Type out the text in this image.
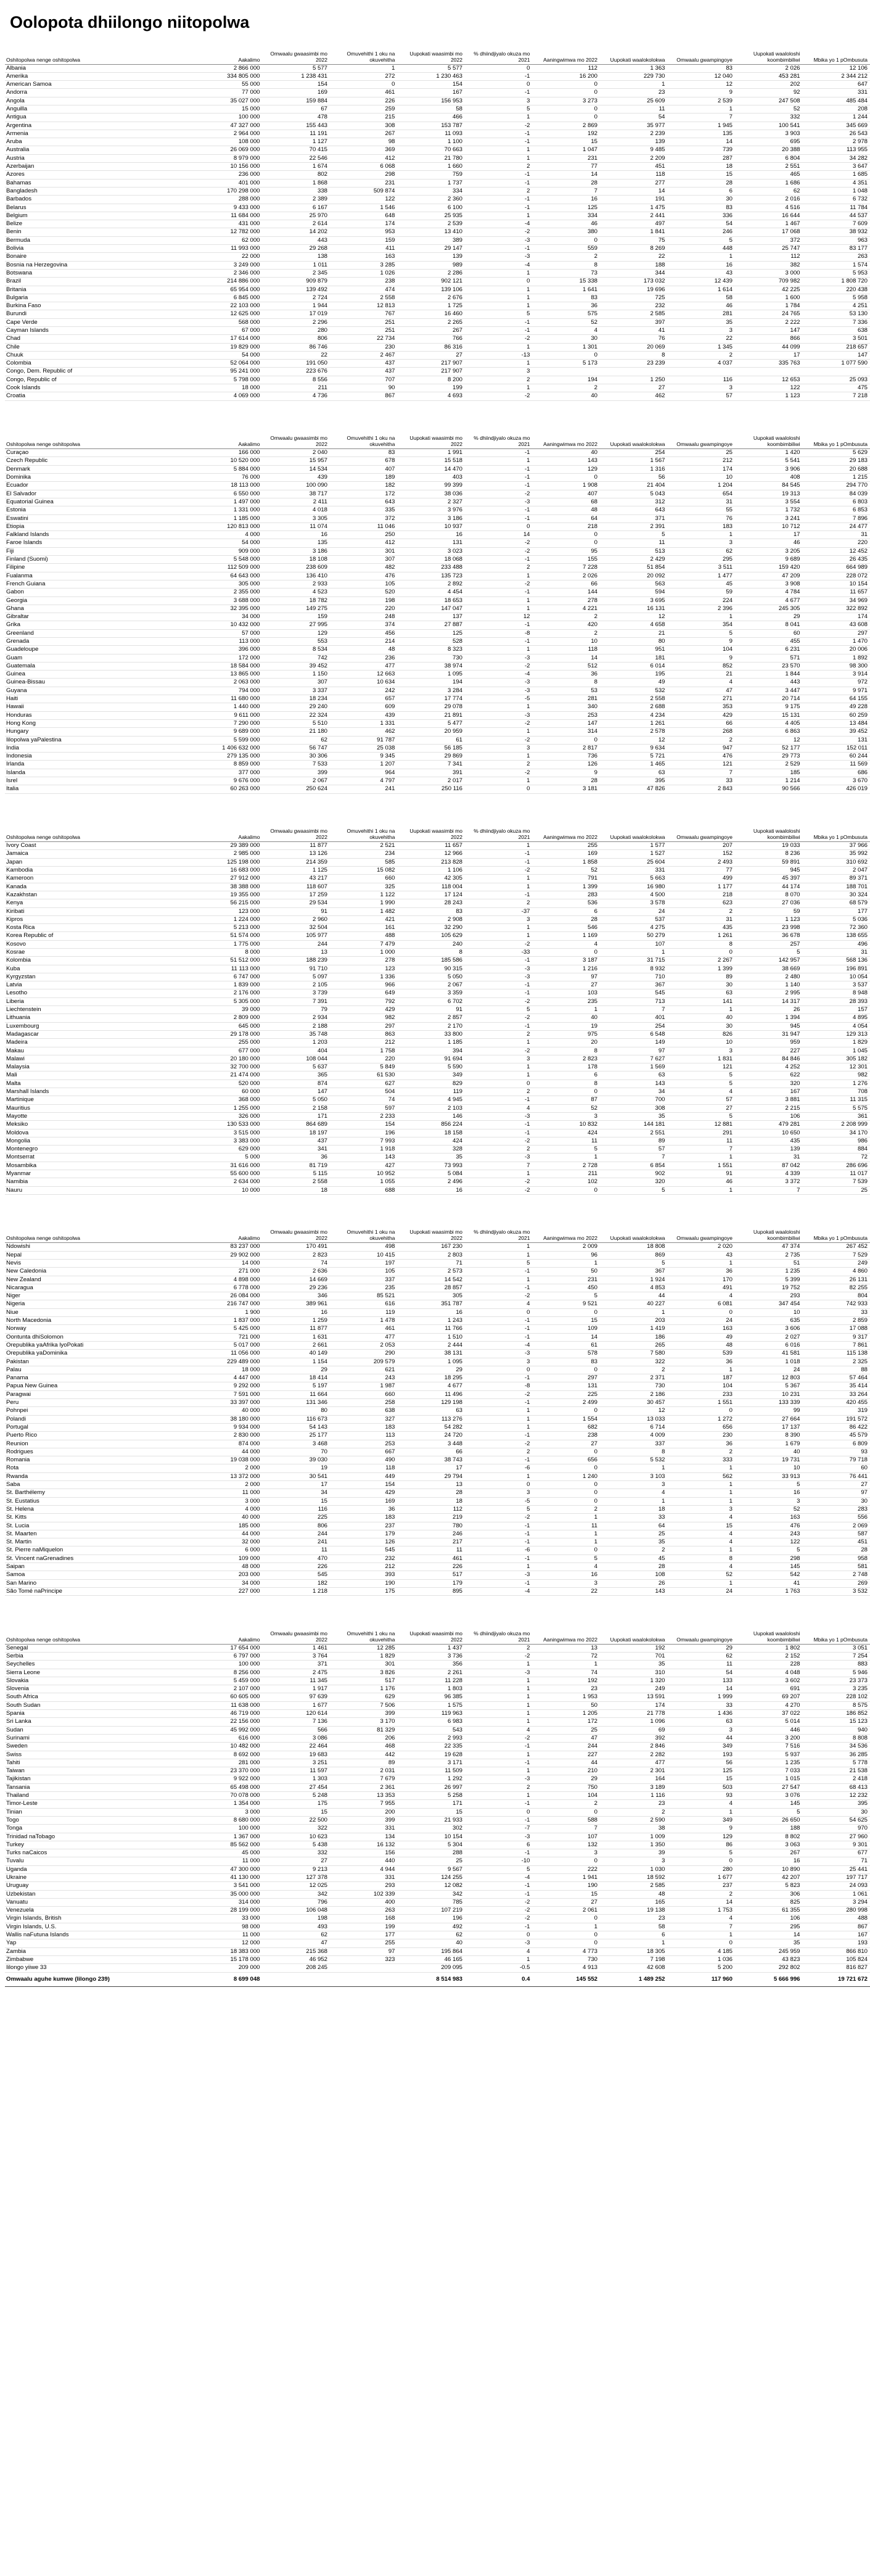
Oolopota dhiilongo niitopolwa
Oshitopolwa nenge oshitopolwa	Aakalimo	Omwaalu gwaasimbi mo 2022	Omuvehithi 1 oku na okuvehitha	Uupokati waasimbi mo 2022	% dhiindjiyalo okuza mo 2021	Aaningwimwa mo 2022	Uupokati waalokolokwa	Omwaalu gwampingoye	Uupokati waaloloshi koombimbiliwi	Mbika yo 1 pOmbusuta
Albania	2 866 000	5 577	1	5 577	0	112	1 363	83	2 026	12 106
Amerika	334 805 000	1 238 431	272	1 230 463	-1	16 200	229 730	12 040	453 281	2 344 212
American Samoa	55 000	154	0	154	0	0	1	12	202	647
Andorra	77 000	169	461	167	-1	0	23	9	92	331
Angola	35 027 000	159 884	226	156 953	3	3 273	25 609	2 539	247 508	485 484
Anguilla	15 000	67	259	58	5	0	11	1	52	208
Antigua	100 000	478	215	466	1	0	54	7	332	1 244
Argentina	47 327 000	155 443	308	153 787	-2	2 869	35 977	1 945	100 541	345 669
Armenia	2 964 000	11 191	267	11 093	-1	192	2 239	135	3 903	26 543
Aruba	108 000	1 127	98	1 100	-1	15	139	14	695	2 978
Australia	26 069 000	70 415	369	70 663	1	1 047	9 485	739	20 388	113 955
Austria	8 979 000	22 546	412	21 780	1	231	2 209	287	6 804	34 282
Azerbaijan	10 156 000	1 674	6 068	1 660	2	77	451	18	2 551	3 647
Azores	236 000	802	298	759	-1	14	118	15	465	1 685
Bahamas	401 000	1 868	231	1 737	-1	28	277	28	1 686	4 351
Bangladesh	170 298 000	338	509 874	334	2	7	14	6	62	1 048
Barbados	288 000	2 389	122	2 360	-1	16	191	30	2 016	6 732
Belarus	9 433 000	6 167	1 546	6 100	-1	125	1 475	83	4 516	11 784
Belgium	11 684 000	25 970	648	25 935	1	334	2 441	336	16 644	44 537
Belize	431 000	2 614	174	2 539	-4	46	497	54	1 467	7 609
Benin	12 782 000	14 202	953	13 410	-2	380	1 841	246	17 068	38 932
Bermuda	62 000	443	159	389	-3	0	75	5	372	963
Bolivia	11 993 000	29 268	411	29 147	-1	559	8 269	448	25 747	83 177
Bonaire	22 000	138	163	139	-3	2	22	1	112	263
Bosnia na Herzegovina	3 249 000	1 011	3 285	989	-4	8	188	16	382	1 574
Botswana	2 346 000	2 345	1 026	2 286	1	73	344	43	3 000	5 953
Brazil	214 886 000	909 879	238	902 121	0	15 338	173 032	12 439	709 982	1 808 720
Britania	65 954 000	139 492	474	139 106	1	1 641	19 696	1 614	42 225	220 438
Bulgaria	6 845 000	2 724	2 558	2 676	1	83	725	58	1 600	5 958
Burkina Faso	22 103 000	1 944	12 813	1 725	1	36	232	46	1 784	4 251
Burundi	12 625 000	17 019	767	16 460	5	575	2 585	281	24 765	53 130
Cape Verde	568 000	2 296	251	2 265	-1	52	397	35	2 222	7 336
Cayman Islands	67 000	280	251	267	-1	4	41	3	147	638
Chad	17 614 000	806	22 734	766	-2	30	76	22	866	3 501
Chile	19 829 000	86 746	230	86 316	1	1 301	20 069	1 345	44 099	218 657
Chuuk	54 000	22	2 467	27	-13	0	8	2	17	147
Colombia	52 064 000	191 050	437	217 907	1	5 173	23 239	4 037	335 763	1 077 590
Congo, Dem. Republic of	95 241 000	223 676	437	217 907	3					
Congo, Republic of	5 798 000	8 556	707	8 200	2	194	1 250	116	12 653	25 093
Cook Islands	18 000	211	90	199	1	2	27	3	122	475
Croatia	4 069 000	4 736	867	4 693	-2	40	462	57	1 123	7 218
Oshitopolwa nenge oshitopolwa	Aakalimo	Omwaalu gwaasimbi mo 2022	Omuvehithi 1 oku na okuvehitha	Uupokati waasimbi mo 2022	% dhiindjiyalo okuza mo 2021	Aaningwimwa mo 2022	Uupokati waalokolokwa	Omwaalu gwampingoye	Uupokati waaloloshi koombimbiliwi	Mbika yo 1 pOmbusuta
Curaçao	166 000	2 040	83	1 991	-1	40	254	25	1 420	5 629
Czech Republic	10 520 000	15 957	678	15 518	1	143	1 567	212	5 541	29 183
Denmark	5 884 000	14 534	407	14 470	-1	129	1 316	174	3 906	20 688
Dominika	76 000	439	189	403	-1	0	56	10	408	1 215
Ecuador	18 113 000	100 090	182	99 399	-1	1 908	21 404	1 204	84 545	294 770
El Salvador	6 550 000	38 717	172	38 036	-2	407	5 043	654	19 313	84 039
Equatorial Guinea	1 497 000	2 411	643	2 327	-3	68	312	31	3 554	6 803
Estonia	1 331 000	4 018	335	3 976	-1	48	643	55	1 732	6 853
Eswatini	1 185 000	3 305	372	3 186	-1	64	371	76	3 241	7 896
Etiopia	120 813 000	11 074	11 046	10 937	0	218	2 391	183	10 712	24 477
Falkland Islands	4 000	16	250	16	14	0	5	1	17	31
Faroe Islands	54 000	135	412	131	-2	0	11	3	46	220
Fiji	909 000	3 186	301	3 023	-2	95	513	62	3 205	12 452
Finland (Suomi)	5 548 000	18 108	307	18 068	-1	155	2 429	295	9 689	26 435
Filipine	112 509 000	238 609	482	233 488	2	7 228	51 854	3 511	159 420	664 989
Fualanma	64 643 000	136 410	476	135 723	1	2 026	20 092	1 477	47 209	228 072
French Guiana	305 000	2 933	105	2 892	-2	66	563	45	3 908	10 154
Gabon	2 355 000	4 523	520	4 454	-1	144	594	59	4 784	11 657
Georgia	3 688 000	18 782	198	18 653	1	278	3 695	224	4 677	34 969
Ghana	32 395 000	149 275	220	147 047	1	4 221	16 131	2 396	245 305	322 892
Gibraltar	34 000	159	248	137	12	2	12	1	29	174
Grika	10 432 000	27 995	374	27 887	-1	420	4 658	354	8 041	43 608
Greenland	57 000	129	456	125	-8	2	21	5	60	297
Grenada	113 000	553	214	528	-1	10	80	9	455	1 470
Guadeloupe	396 000	8 534	48	8 323	1	118	951	104	6 231	20 006
Guam	172 000	742	236	730	-3	14	181	9	571	1 892
Guatemala	18 584 000	39 452	477	38 974	-2	512	6 014	852	23 570	98 300
Guinea	13 865 000	1 150	12 663	1 095	-4	36	195	21	1 844	3 914
Guinea-Bissau	2 063 000	307	10 634	194	-3	8	49	4	443	972
Guyana	794 000	3 337	242	3 284	-3	53	532	47	3 447	9 971
Haiti	11 680 000	18 234	657	17 774	-5	281	2 558	271	20 714	64 155
Hawaii	1 440 000	29 240	609	29 078	1	340	2 688	353	9 175	49 228
Honduras	9 611 000	22 324	439	21 891	-3	253	4 234	429	15 131	60 259
Hong Kong	7 290 000	5 510	1 331	5 477	-2	147	1 261	66	4 405	13 484
Hungary	9 689 000	21 180	462	20 959	1	314	2 578	268	6 863	39 452
Iilopolwa yaPalestina	5 599 000	62	91 787	61	-2	0	12	2	12	131
India	1 406 632 000	56 747	25 038	56 185	3	2 817	9 634	947	52 177	152 011
Indonesia	279 135 000	30 306	9 345	29 869	1	736	5 721	476	29 773	60 244
Irlanda	8 859 000	7 533	1 207	7 341	2	126	1 465	121	2 529	11 569
Islanda	377 000	399	964	391	-2	9	63	7	185	686
Isrel	9 676 000	2 067	4 797	2 017	1	28	395	33	1 214	3 670
Italia	60 263 000	250 624	241	250 116	0	3 181	47 826	2 843	90 566	426 019
Oshitopolwa nenge oshitopolwa	Aakalimo	Omwaalu gwaasimbi mo 2022	Omuvehithi 1 oku na okuvehitha	Uupokati waasimbi mo 2022	% dhiindjiyalo okuza mo 2021	Aaningwimwa mo 2022	Uupokati waalokolokwa	Omwaalu gwampingoye	Uupokati waaloloshi koombimbiliwi	Mbika yo 1 pOmbusuta
Ivory Coast	29 389 000	11 877	2 521	11 657	1	255	1 577	207	19 033	37 966
Jamaica	2 985 000	13 126	234	12 966	-1	169	1 527	152	8 236	35 992
Japan	125 198 000	214 359	585	213 828	-1	1 858	25 604	2 493	59 891	310 692
Kambodia	16 683 000	1 125	15 082	1 106	-2	52	331	77	945	2 047
Kameroon	27 912 000	43 217	660	42 305	1	791	5 663	499	45 397	89 371
Kanada	38 388 000	118 607	325	118 004	1	1 399	16 980	1 177	44 174	188 701
Kazakhstan	19 355 000	17 259	1 122	17 124	-1	283	4 500	218	8 070	30 324
Kenya	56 215 000	29 534	1 990	28 243	2	536	3 578	623	27 036	68 579
Kiribati	123 000	91	1 482	83	-37	6	24	2	59	177
Kipros	1 224 000	2 960	421	2 908	3	28	537	31	1 123	5 036
Kosta Rica	5 213 000	32 504	161	32 290	1	546	4 275	435	23 998	72 360
Korea Republic of	51 574 000	105 977	488	105 629	1	1 169	50 279	1 261	36 678	138 655
Kosovo	1 775 000	244	7 479	240	-2	4	107	8	257	496
Kosrae	8 000	13	1 000	8	-33	0	1	0	5	31
Kolombia	51 512 000	188 239	278	185 586	-1	3 187	31 715	2 267	142 957	568 136
Kuba	11 113 000	91 710	123	90 315	-3	1 216	8 932	1 399	38 669	196 891
Kyrgyzstan	6 747 000	5 097	1 336	5 050	-3	97	710	89	2 480	10 054
Latvia	1 839 000	2 105	966	2 067	-1	27	367	30	1 140	3 537
Lesotho	2 176 000	3 739	649	3 359	-1	103	545	63	2 995	8 948
Liberia	5 305 000	7 391	792	6 702	-2	235	713	141	14 317	28 393
Liechtenstein	39 000	79	429	91	5	1	7	1	26	157
Lithuania	2 809 000	2 934	982	2 857	-2	40	401	40	1 394	4 895
Luxembourg	645 000	2 188	297	2 170	-1	19	254	30	945	4 054
Madagascar	29 178 000	35 748	863	33 800	2	975	6 548	826	31 947	129 313
Madeira	255 000	1 203	212	1 185	1	20	149	10	959	1 829
Makau	677 000	404	1 758	394	-2	8	97	3	227	1 045
Malawi	20 180 000	108 044	220	91 694	3	2 823	7 627	1 831	84 846	305 182
Malaysia	32 700 000	5 637	5 849	5 590	1	178	1 569	121	4 252	12 301
Mali	21 474 000	365	61 530	349	1	6	63	5	622	982
Malta	520 000	874	627	829	0	8	143	5	320	1 276
Marshall Islands	60 000	147	504	119	2	0	34	4	167	708
Martinique	368 000	5 050	74	4 945	-1	87	700	57	3 881	11 315
Mauritius	1 255 000	2 158	597	2 103	4	52	308	27	2 215	5 575
Mayotte	326 000	171	2 233	146	-3	3	35	5	106	361
Meksiko	130 533 000	864 689	154	856 224	-1	10 832	144 181	12 881	479 281	2 208 999
Moldova	3 515 000	18 197	196	18 158	-1	424	2 551	291	10 650	34 170
Mongolia	3 383 000	437	7 993	424	-2	11	89	11	435	986
Montenegro	629 000	341	1 918	328	2	5	57	7	139	884
Montserrat	5 000	36	143	35	-3	1	7	1	31	72
Mosambika	31 616 000	81 719	427	73 993	7	2 728	6 854	1 551	87 042	286 696
Myanmar	55 600 000	5 115	10 952	5 084	1	211	902	91	4 339	11 017
Namibia	2 634 000	2 558	1 055	2 496	-2	102	320	46	3 372	7 539
Nauru	10 000	18	688	16	-2	0	5	1	7	25
Oshitopolwa nenge oshitopolwa	Aakalimo	Omwaalu gwaasimbi mo 2022	Omuvehithi 1 oku na okuvehitha	Uupokati waasimbi mo 2022	% dhiindjiyalo okuza mo 2021	Aaningwimwa mo 2022	Uupokati waalokolokwa	Omwaalu gwampingoye	Uupokati waaloloshi koombimbiliwi	Mbika yo 1 pOmbusuta
Ndowishi	83 237 000	170 491	498	167 230	1	2 009	18 808	2 020	47 374	267 452
Nepal	29 902 000	2 823	10 415	2 803	1	96	869	43	2 735	7 529
Nevis	14 000	74	197	71	5	1	5	1	51	249
New Caledonia	271 000	2 636	105	2 573	-1	50	367	36	1 235	4 860
New Zealand	4 898 000	14 669	337	14 542	1	231	1 924	170	5 399	26 131
Nicaragua	6 778 000	29 236	235	28 857	-1	450	4 853	491	19 752	82 255
Niger	26 084 000	346	85 521	305	-2	5	44	4	293	804
Nigeria	216 747 000	389 961	616	351 787	4	9 521	40 227	6 081	347 454	742 933
Niue	1 900	16	119	16	0	0	1	0	10	33
North Macedonia	1 837 000	1 259	1 478	1 243	-1	15	203	24	635	2 859
Norway	5 425 000	11 877	461	11 766	-1	109	1 419	163	3 606	17 088
Oontunta dhiSolomon	721 000	1 631	477	1 510	-1	14	186	49	2 027	9 317
Orepublika yaAfrika lyoPokati	5 017 000	2 661	2 053	2 444	-4	61	265	48	6 016	7 861
Orepublika yaDominika	11 056 000	40 149	290	38 131	-3	578	7 580	539	41 581	115 138
Pakistan	229 489 000	1 154	209 579	1 095	3	83	322	36	1 018	2 325
Palau	18 000	29	621	29	0	0	2	1	24	88
Panama	4 447 000	18 414	243	18 295	-1	297	2 371	187	12 803	57 464
Papua New Guinea	9 292 000	5 197	1 987	4 677	-8	131	730	104	5 367	35 414
Paragwai	7 591 000	11 664	660	11 496	-2	225	2 186	233	10 231	33 264
Peru	33 397 000	131 346	258	129 198	-1	2 499	30 457	1 551	133 339	420 455
Pohnpei	40 000	80	638	63	1	0	12	0	99	319
Polandi	38 180 000	116 673	327	113 276	1	1 554	13 033	1 272	27 664	191 572
Portugal	9 934 000	54 143	183	54 282	1	682	6 714	656	17 137	86 422
Puerto Rico	2 830 000	25 177	113	24 720	-1	238	4 009	230	8 390	45 579
Reunion	874 000	3 468	253	3 448	-2	27	337	36	1 679	6 809
Rodrigues	44 000	70	667	66	2	0	8	2	40	93
Romania	19 038 000	39 030	490	38 743	-1	656	5 532	333	19 731	79 718
Rota	2 000	19	118	17	-6	0	1	1	10	60
Rwanda	13 372 000	30 541	449	29 794	1	1 240	3 103	562	33 913	76 441
Saba	2 000	17	154	13	0	0	3	1	5	27
St. Barthélemy	11 000	34	429	28	3	0	4	1	16	97
St. Eustatius	3 000	15	169	18	-5	0	1	1	3	30
St. Helena	4 000	116	36	112	5	2	18	3	52	283
St. Kitts	40 000	225	183	219	-2	1	33	4	163	556
St. Lucia	185 000	806	237	780	-1	11	64	15	476	2 069
St. Maarten	44 000	244	179	246	-1	1	25	4	243	587
St. Martin	32 000	241	126	217	-1	1	35	4	122	451
St. Pierre naMiquelon	6 000	11	545	11	-6	0	2	1	5	28
St. Vincent naGrenadines	109 000	470	232	461	-1	5	45	8	298	958
Saipan	48 000	226	212	226	1	4	28	4	145	581
Samoa	203 000	545	393	517	-3	16	108	52	542	2 748
San Marino	34 000	182	190	179	-1	3	26	1	41	269
São Tomé naPrincipe	227 000	1 218	175	895	-4	22	143	24	1 763	3 532
Oshitopolwa nenge oshitopolwa	Aakalimo	Omwaalu gwaasimbi mo 2022	Omuvehithi 1 oku na okuvehitha	Uupokati waasimbi mo 2022	% dhiindjiyalo okuza mo 2021	Aaningwimwa mo 2022	Uupokati waalokolokwa	Omwaalu gwampingoye	Uupokati waaloloshi koombimbiliwi	Mbika yo 1 pOmbusuta
Senegal	17 654 000	1 461	12 285	1 437	2	13	192	29	1 802	3 051
Serbia	6 797 000	3 764	1 829	3 736	-2	72	701	62	2 152	7 254
Seychelles	100 000	371	301	356	1	1	35	11	228	883
Sierra Leone	8 256 000	2 475	3 826	2 261	-3	74	310	54	4 048	5 946
Slovakia	5 459 000	11 345	517	11 228	1	192	1 320	133	3 602	23 373
Slovenia	2 107 000	1 917	1 176	1 803	1	23	249	14	691	3 235
South Africa	60 605 000	97 639	629	96 385	1	1 953	13 591	1 999	69 207	228 102
South Sudan	11 638 000	1 677	7 506	1 575	1	50	174	33	4 270	8 575
Spania	46 719 000	120 614	399	119 963	1	1 205	21 778	1 436	37 022	186 852
Sri Lanka	22 156 000	7 136	3 170	6 983	1	172	1 096	63	5 014	15 123
Sudan	45 992 000	566	81 329	543	4	25	69	3	446	940
Surinami	616 000	3 086	206	2 993	-2	47	392	44	3 200	8 808
Sweden	10 482 000	22 464	468	22 335	-1	244	2 846	349	7 516	34 536
Swiss	8 692 000	19 683	442	19 628	1	227	2 282	193	5 937	36 285
Tahiti	281 000	3 251	89	3 171	-1	44	477	56	1 235	5 778
Taiwan	23 370 000	11 597	2 031	11 509	1	210	2 301	125	7 033	21 538
Tajikistan	9 922 000	1 303	7 679	1 292	-3	29	164	15	1 015	2 418
Tansania	65 498 000	27 454	2 361	26 997	2	750	3 189	503	27 547	68 413
Thailand	70 078 000	5 248	13 353	5 258	1	104	1 116	93	3 076	12 232
Timor-Leste	1 354 000	175	7 955	171	-1	2	23	4	145	395
Tinian	3 000	15	200	15	0	0	2	1	5	30
Togo	8 680 000	22 500	399	21 933	-1	588	2 590	349	26 650	54 625
Tonga	100 000	322	331	302	-7	7	38	9	188	970
Trinidad naTobago	1 367 000	10 623	134	10 154	-3	107	1 009	129	8 802	27 960
Turkey	85 562 000	5 438	16 132	5 304	6	132	1 350	86	3 063	9 301
Turks naCaicos	45 000	332	156	288	-1	3	39	5	267	677
Tuvalu	11 000	27	440	25	-10	0	3	0	16	71
Uganda	47 300 000	9 213	4 944	9 567	5	222	1 030	280	10 890	25 441
Ukraine	41 130 000	127 378	331	124 255	-4	1 941	18 592	1 677	42 207	197 717
Uruguay	3 541 000	12 025	293	12 082	-1	190	2 585	237	5 823	24 093
Uzbekistan	35 000 000	342	102 339	342	-1	15	48	2	306	1 061
Vanuatu	314 000	796	400	785	-2	27	165	14	825	3 294
Venezuela	28 199 000	106 048	263	107 219	-2	2 061	19 138	1 753	61 355	280 998
Virgin Islands, British	33 000	198	168	196	-2	0	23	4	106	488
Virgin Islands, U.S.	98 000	493	199	492	-1	1	58	7	295	867
Wallis naFutuna Islands	11 000	62	177	62	0	0	6	1	14	167
Yap	12 000	47	255	40	-3	0	1	0	35	193
Zambia	18 383 000	215 368	97	195 864	4	4 773	18 305	4 185	245 959	866 810
Zimbabwe	15 178 000	46 952	323	46 165	1	730	7 198	1 036	43 823	105 824
Iilongo yiiwe 33	209 000	208 245		209 095	-0.5	4 913	42 608	5 200	292 802	816 827
Omwaalu aguhe kumwe (Iilongo 239)	8 699 048			8 514 983	0.4	145 552	1 489 252	117 960	5 666 996	19 721 672
